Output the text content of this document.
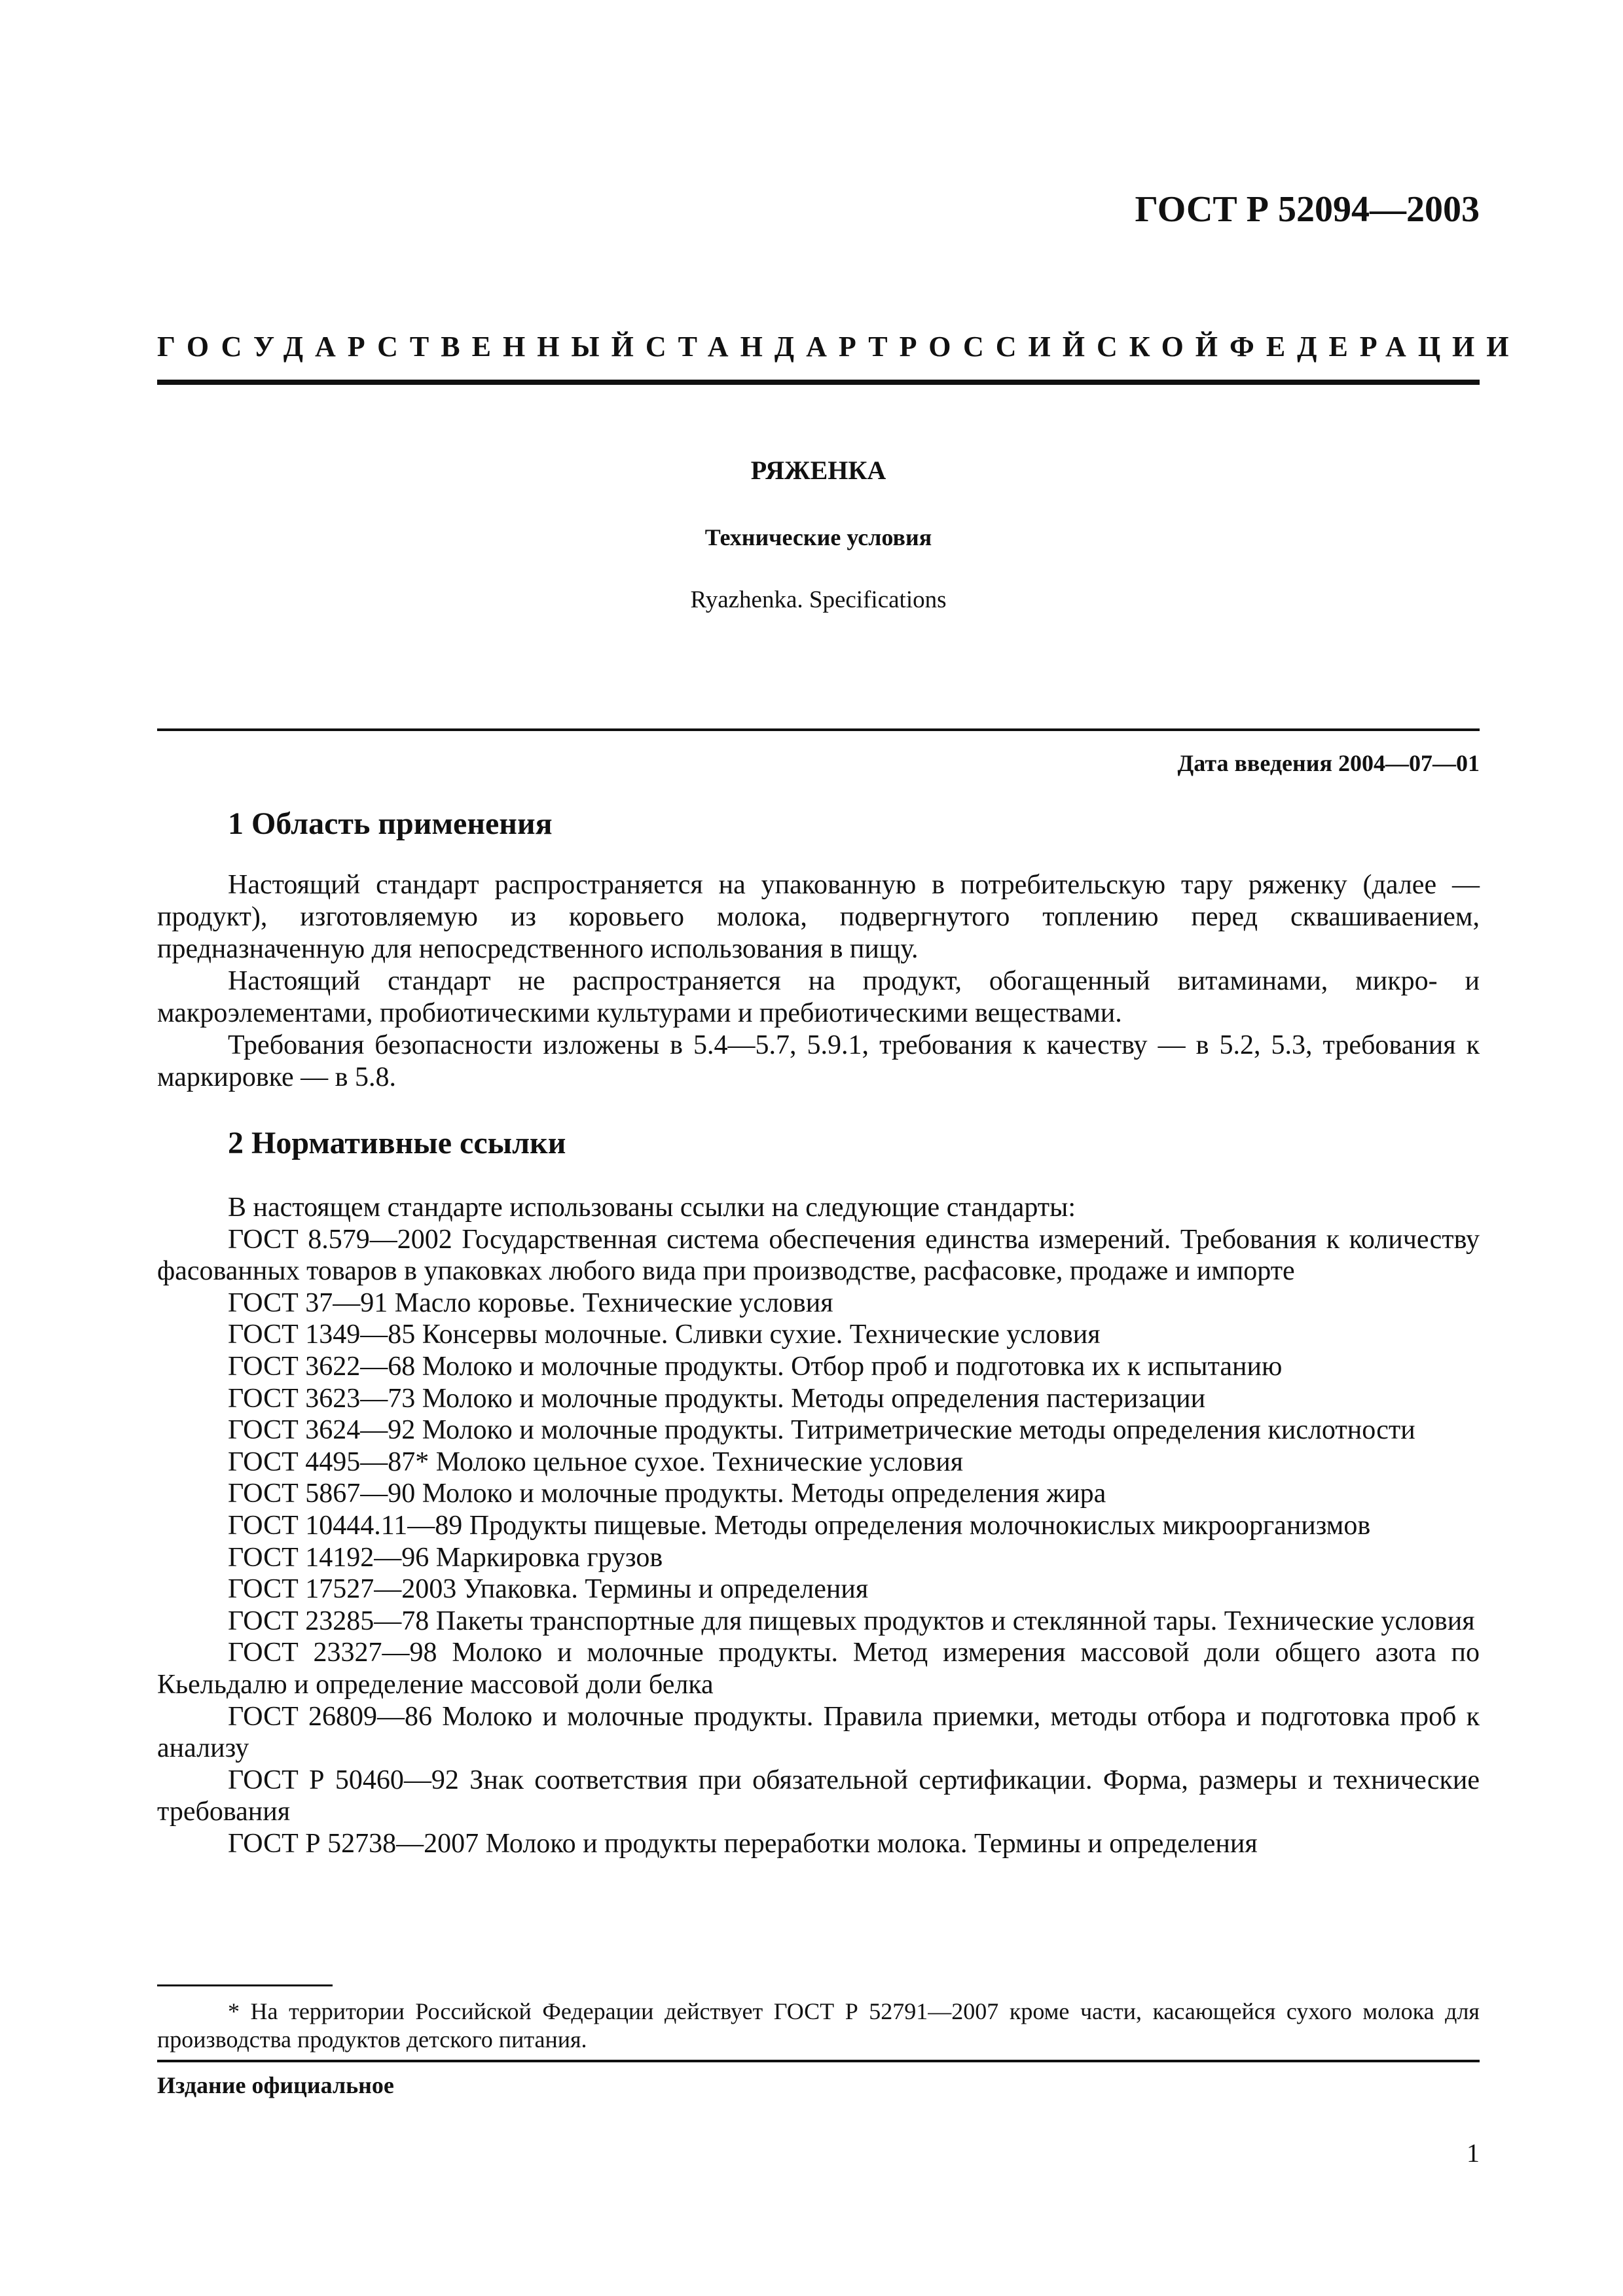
ГОСТ Р 52094—2003
ГОСУДАРСТВЕННЫЙ СТАНДАРТ РОССИЙСКОЙ ФЕДЕРАЦИИ
РЯЖЕНКА
Технические условия
Ryazhenka. Specifications
Дата введения 2004—07—01
1 Область применения

Настоящий стандарт распространяется на упакованную в потребительскую тару ряженку (далее — продукт), изготовляемую из коровьего молока, подвергнутого топлению перед сквашиваением, предназначенную для непосредственного использования в пищу.

Настоящий стандарт не распространяется на продукт, обогащенный витаминами, микро- и макроэлементами, пробиотическими культурами и пребиотическими веществами.

Требования безопасности изложены в 5.4—5.7, 5.9.1, требования к качеству — в 5.2, 5.3, требования к маркировке — в 5.8.

2 Нормативные ссылки

В настоящем стандарте использованы ссылки на следующие стандарты:

ГОСТ 8.579—2002 Государственная система обеспечения единства измерений. Требования к количеству фасованных товаров в упаковках любого вида при производстве, расфасовке, продаже и импорте

ГОСТ 37—91 Масло коровье. Технические условия

ГОСТ 1349—85 Консервы молочные. Сливки сухие. Технические условия

ГОСТ 3622—68 Молоко и молочные продукты. Отбор проб и подготовка их к испытанию

ГОСТ 3623—73 Молоко и молочные продукты. Методы определения пастеризации

ГОСТ 3624—92 Молоко и молочные продукты. Титриметрические методы определения кислотности

ГОСТ 4495—87* Молоко цельное сухое. Технические условия

ГОСТ 5867—90 Молоко и молочные продукты. Методы определения жира

ГОСТ 10444.11—89 Продукты пищевые. Методы определения молочнокислых микроорганизмов

ГОСТ 14192—96 Маркировка грузов

ГОСТ 17527—2003 Упаковка. Термины и определения

ГОСТ 23285—78 Пакеты транспортные для пищевых продуктов и стеклянной тары. Технические условия

ГОСТ 23327—98 Молоко и молочные продукты. Метод измерения массовой доли общего азота по Кьельдалю и определение массовой доли белка

ГОСТ 26809—86 Молоко и молочные продукты. Правила приемки, методы отбора и подготовка проб к анализу

ГОСТ Р 50460—92 Знак соответствия при обязательной сертификации. Форма, размеры и технические требования

ГОСТ Р 52738—2007 Молоко и продукты переработки молока. Термины и определения

* На территории Российской Федерации действует ГОСТ Р 52791—2007 кроме части, касающейся сухого молока для производства продуктов детского питания.

Издание официальное
1
